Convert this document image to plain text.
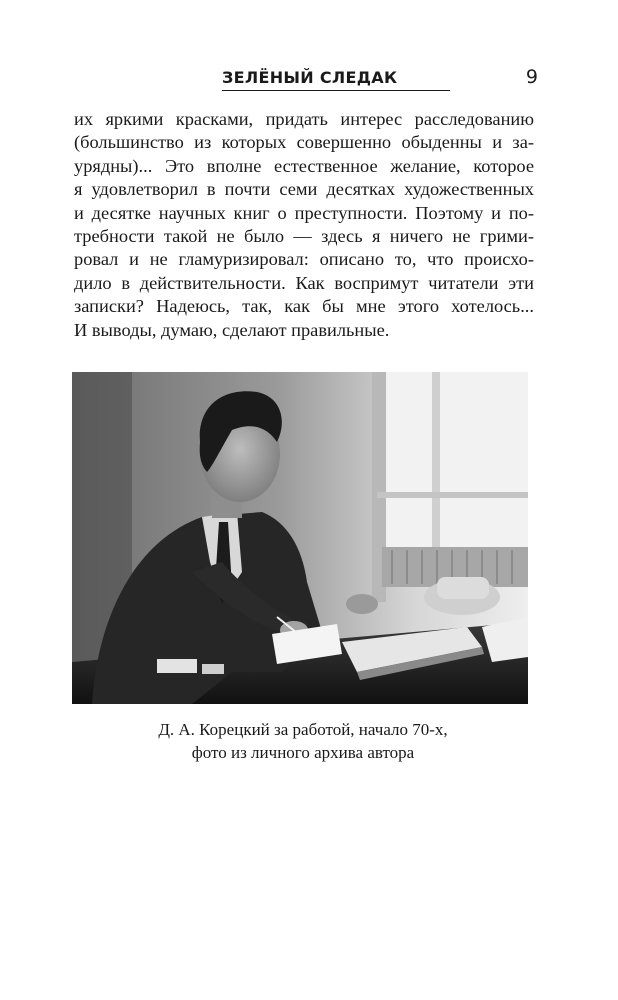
ЗЕЛЁНЫЙ СЛЕДАК	9
их яркими красками, придать интерес расследованию
(большинство из которых совершенно обыденны и за-
урядны)... Это вполне естественное желание, которое
я удовлетворил в почти семи десятках художественных
и десятке научных книг о преступности. Поэтому и по-
требности такой не было — здесь я ничего не грими-
ровал и не гламуризировал: описано то, что происхо-
дило в действительности. Как воспримут читатели эти
записки? Надеюсь, так, как бы мне этого хотелось...
И выводы, думаю, сделают правильные.
Д. А. Корецкий за работой, начало 70-х,
фото из личного архива автора
